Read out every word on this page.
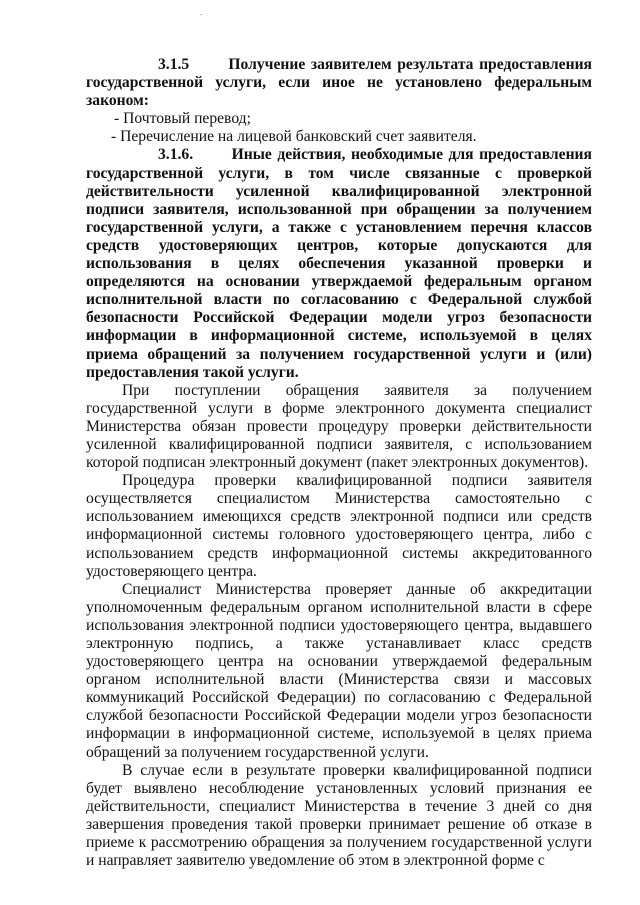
3.1.5	Получение заявителем результата предоставления государственной услуги, если иное не установлено федеральным законом:

- Почтовый перевод;

- Перечисление на лицевой банковский счет заявителя.

3.1.6. Иные действия, необходимые для предоставления государственной услуги, в том числе связанные с проверкой действительности усиленной квалифицированной электронной подписи заявителя, использованной при обращении за получением государственной услуги, а также с установлением перечня классов средств удостоверяющих центров, которые допускаются для использования в целях обеспечения указанной проверки и определяются на основании утверждаемой федеральным органом исполнительной власти по согласованию с Федеральной службой безопасности Российской Федерации модели угроз безопасности информации в информационной системе, используемой в целях приема обращений за получением государственной услуги и (или) предоставления такой услуги.

При поступлении обращения заявителя за получением государственной услуги в форме электронного документа специалист Министерства обязан провести процедуру проверки действительности усиленной квалифицированной подписи заявителя, с использованием которой подписан электронный документ (пакет электронных документов).

Процедура проверки квалифицированной подписи заявителя осуществляется специалистом Министерства самостоятельно с использованием имеющихся средств электронной подписи или средств информационной системы головного удостоверяющего центра, либо с использованием средств информационной системы аккредитованного удостоверяющего центра.

Специалист Министерства проверяет данные об аккредитации уполномоченным федеральным органом исполнительной власти в сфере использования электронной подписи удостоверяющего центра, выдавшего электронную подпись, а также устанавливает класс средств удостоверяющего центра на основании утверждаемой федеральным органом исполнительной власти (Министерства связи и массовых коммуникаций Российской Федерации) по согласованию с Федеральной службой безопасности Российской Федерации модели угроз безопасности информации в информационной системе, используемой в целях приема обращений за получением государственной услуги.

В случае если в результате проверки квалифицированной подписи будет выявлено несоблюдение установленных условий признания ее действительности, специалист Министерства в течение 3 дней со дня завершения проведения такой проверки принимает решение об отказе в приеме к рассмотрению обращения за получением государственной услуги и направляет заявителю уведомление об этом в электронной форме с
